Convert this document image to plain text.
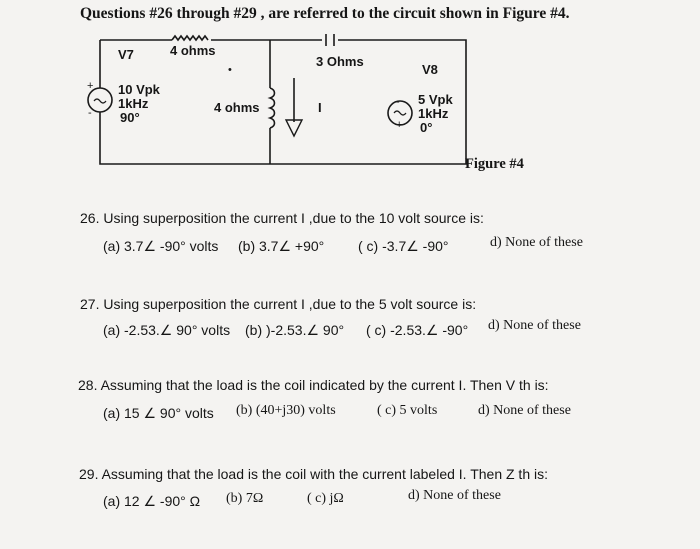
Questions #26 through #29 , are referred to the circuit shown in Figure #4.
+
-
-
+
•
V7	4 ohms
3 Ohms
V8
4 ohms	I
10 Vpk
1kHz
90°
5 Vpk
1kHz
0°
Figure #4
26. Using superposition the current I ,due to the 10 volt source is:
(a) 3.7∠ -90° volts (b) 3.7∠ +90° ( c) -3.7∠ -90°	d) None of these
27. Using superposition the current I ,due to the 5 volt source is:
(a) -2.53.∠ 90° volts (b) )-2.53.∠ 90° ( c) -2.53.∠ -90° d) None of these
28. Assuming that the load is the coil indicated by the current I. Then V th is:
(a) 15 ∠ 90° volts (b) (40+j30) volts	( c) 5 volts	d) None of these
29. Assuming that the load is the coil with the current labeled I. Then Z th is:
(a) 12 ∠ -90° Ω (b) 7Ω	( c) jΩ	d) None of these
